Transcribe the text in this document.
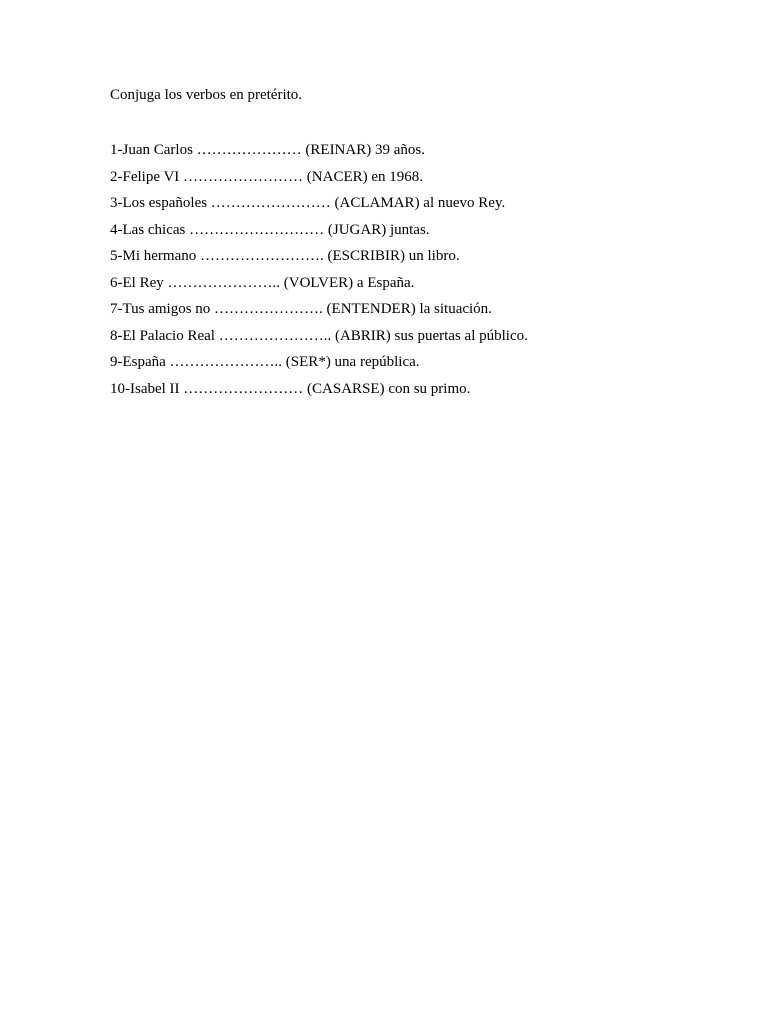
Conjuga los verbos en pretérito.

1-Juan Carlos ………………… (REINAR) 39 años.
2-Felipe VI …………………… (NACER) en 1968.
3-Los españoles …………………… (ACLAMAR) al nuevo Rey.
4-Las chicas ……………………… (JUGAR) juntas.
5-Mi hermano ……………………. (ESCRIBIR) un libro.
6-El Rey ………………….. (VOLVER) a España.
7-Tus amigos no …………………. (ENTENDER) la situación.
8-El Palacio Real ………………….. (ABRIR) sus puertas al público.
9-España ………………….. (SER*) una república.
10-Isabel II …………………… (CASARSE) con su primo.
